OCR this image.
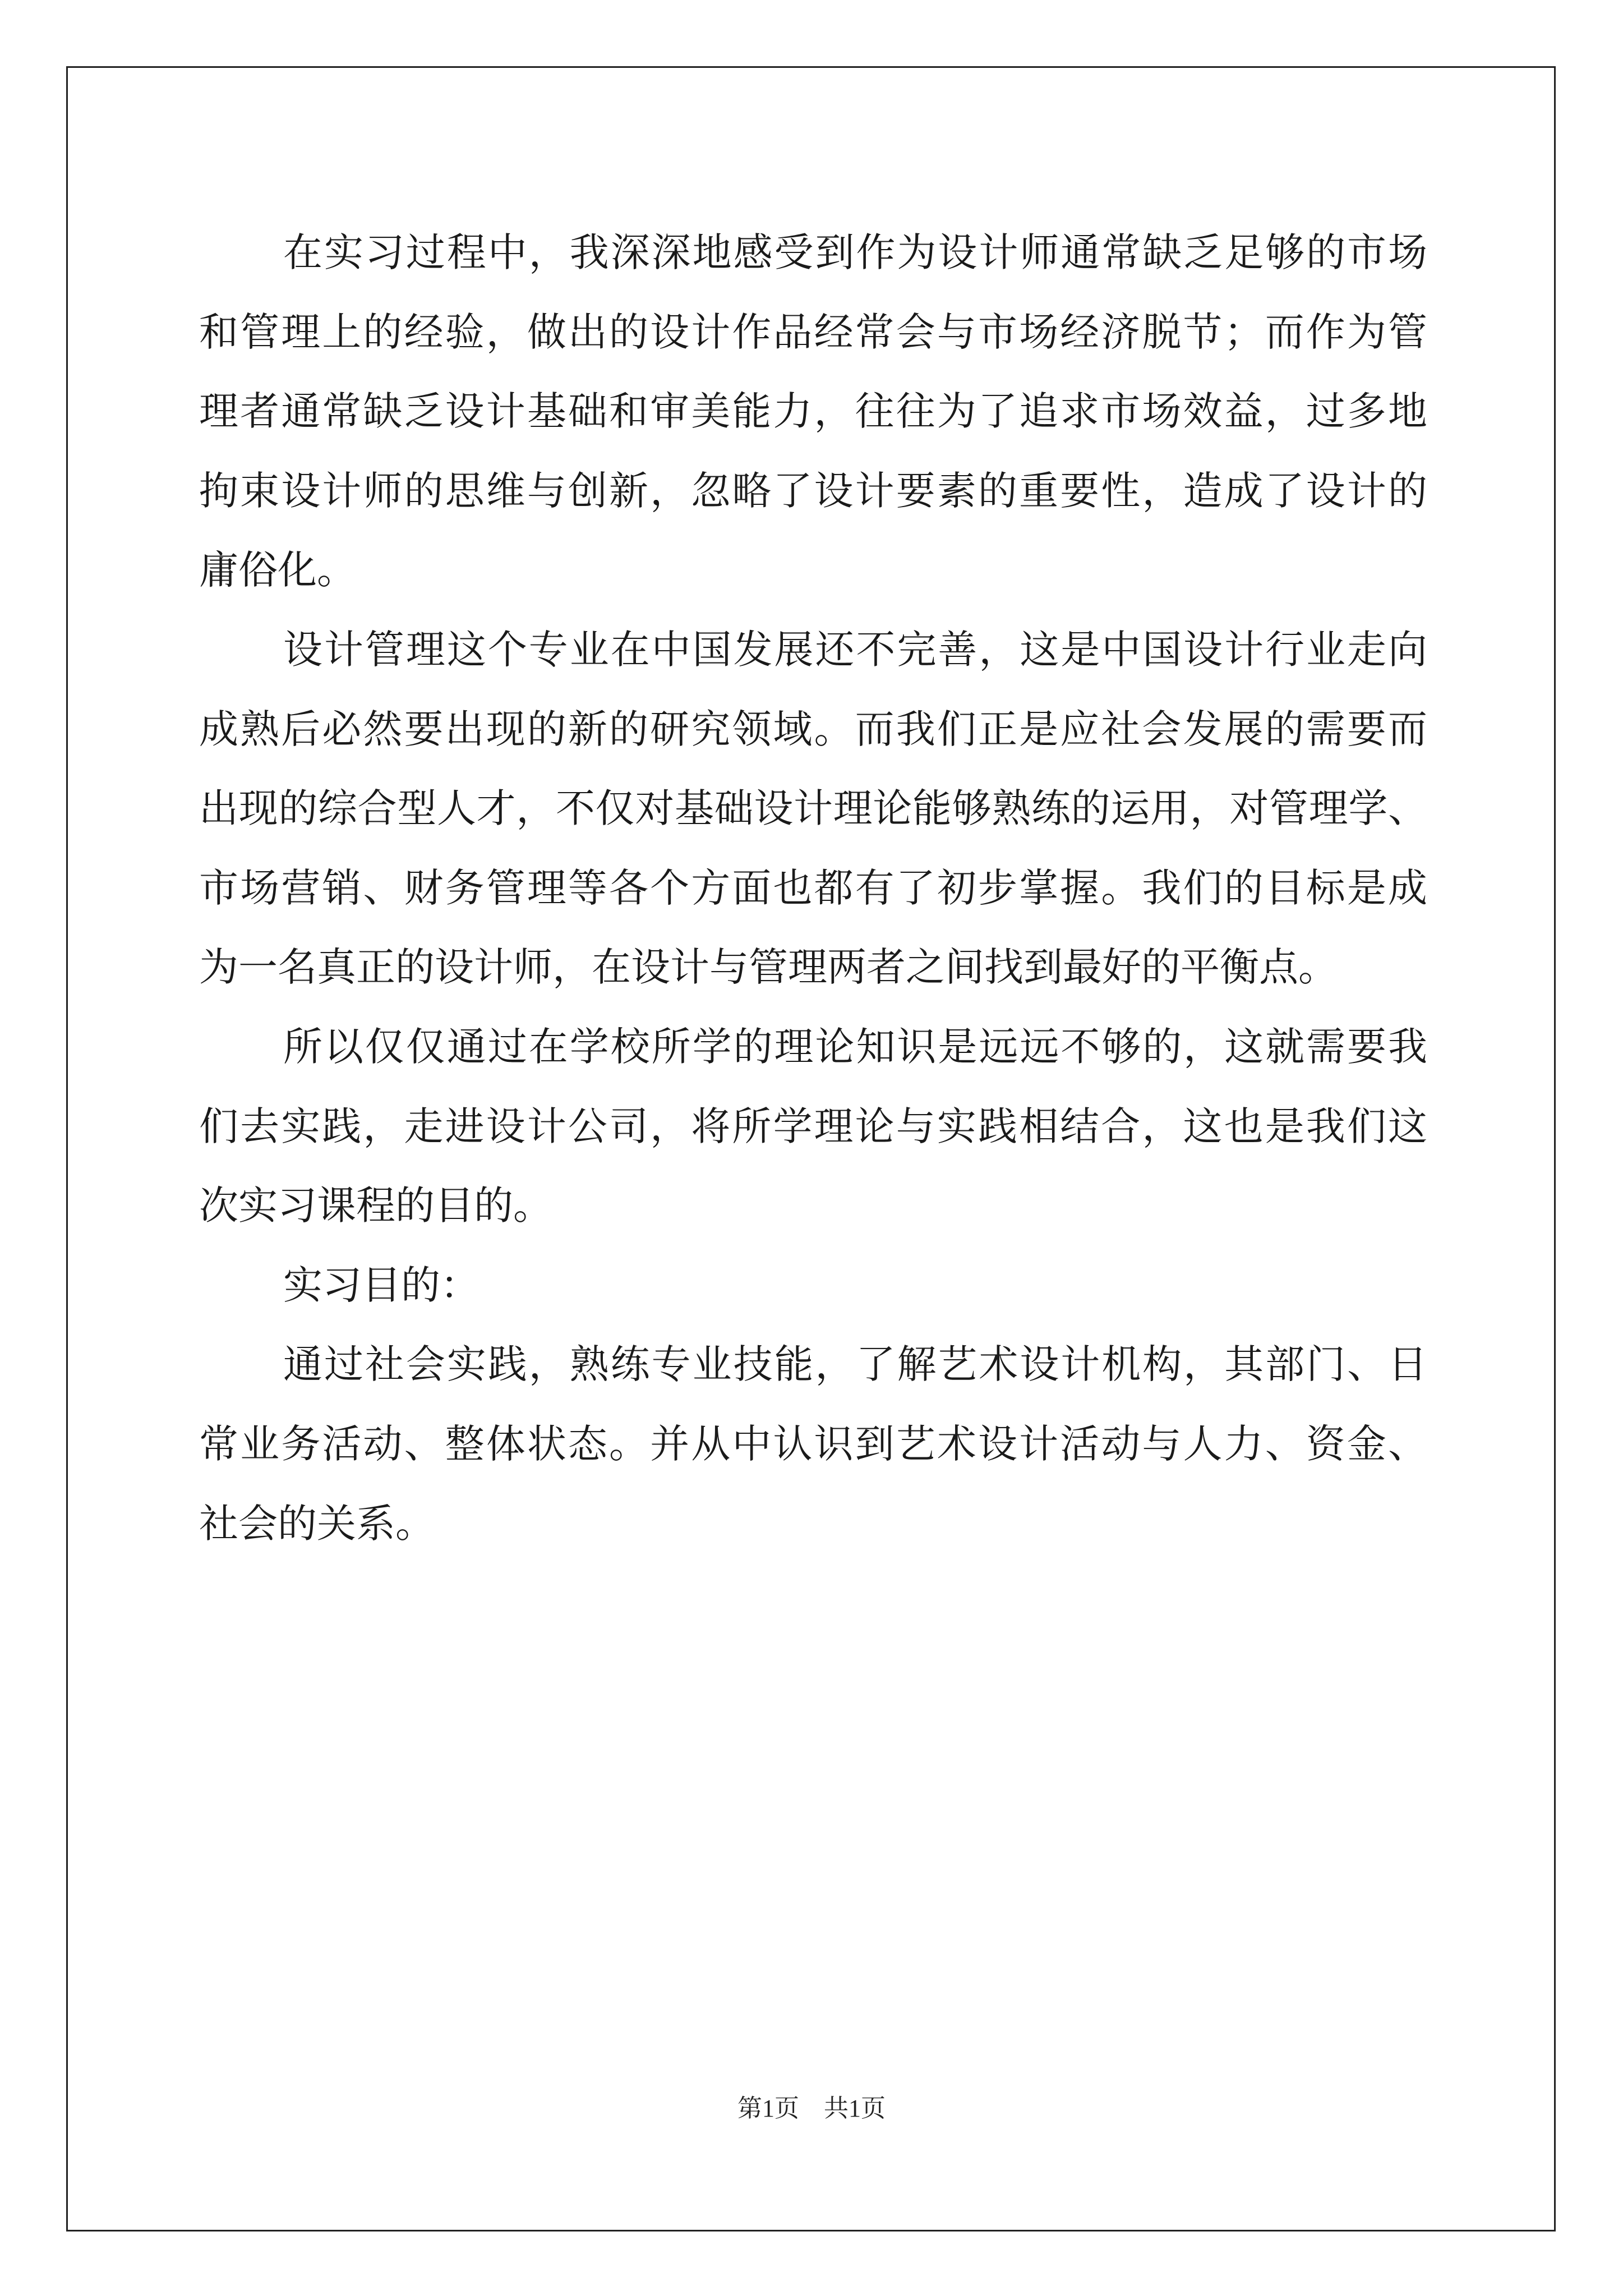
在实习过程中，我深深地感受到作为设计师通常缺乏足够的市场
和管理上的经验，做出的设计作品经常会与市场经济脱节；而作为管
理者通常缺乏设计基础和审美能力，往往为了追求市场效益，过多地
拘束设计师的思维与创新，忽略了设计要素的重要性，造成了设计的
庸俗化。
设计管理这个专业在中国发展还不完善，这是中国设计行业走向
成熟后必然要出现的新的研究领域。而我们正是应社会发展的需要而
出现的综合型人才，不仅对基础设计理论能够熟练的运用，对管理学、
市场营销、财务管理等各个方面也都有了初步掌握。我们的目标是成
为一名真正的设计师，在设计与管理两者之间找到最好的平衡点。
所以仅仅通过在学校所学的理论知识是远远不够的，这就需要我
们去实践，走进设计公司，将所学理论与实践相结合，这也是我们这
次实习课程的目的。
实习目的：
通过社会实践，熟练专业技能，了解艺术设计机构，其部门、日
常业务活动、整体状态。并从中认识到艺术设计活动与人力、资金、
社会的关系。
第1页　共1页
